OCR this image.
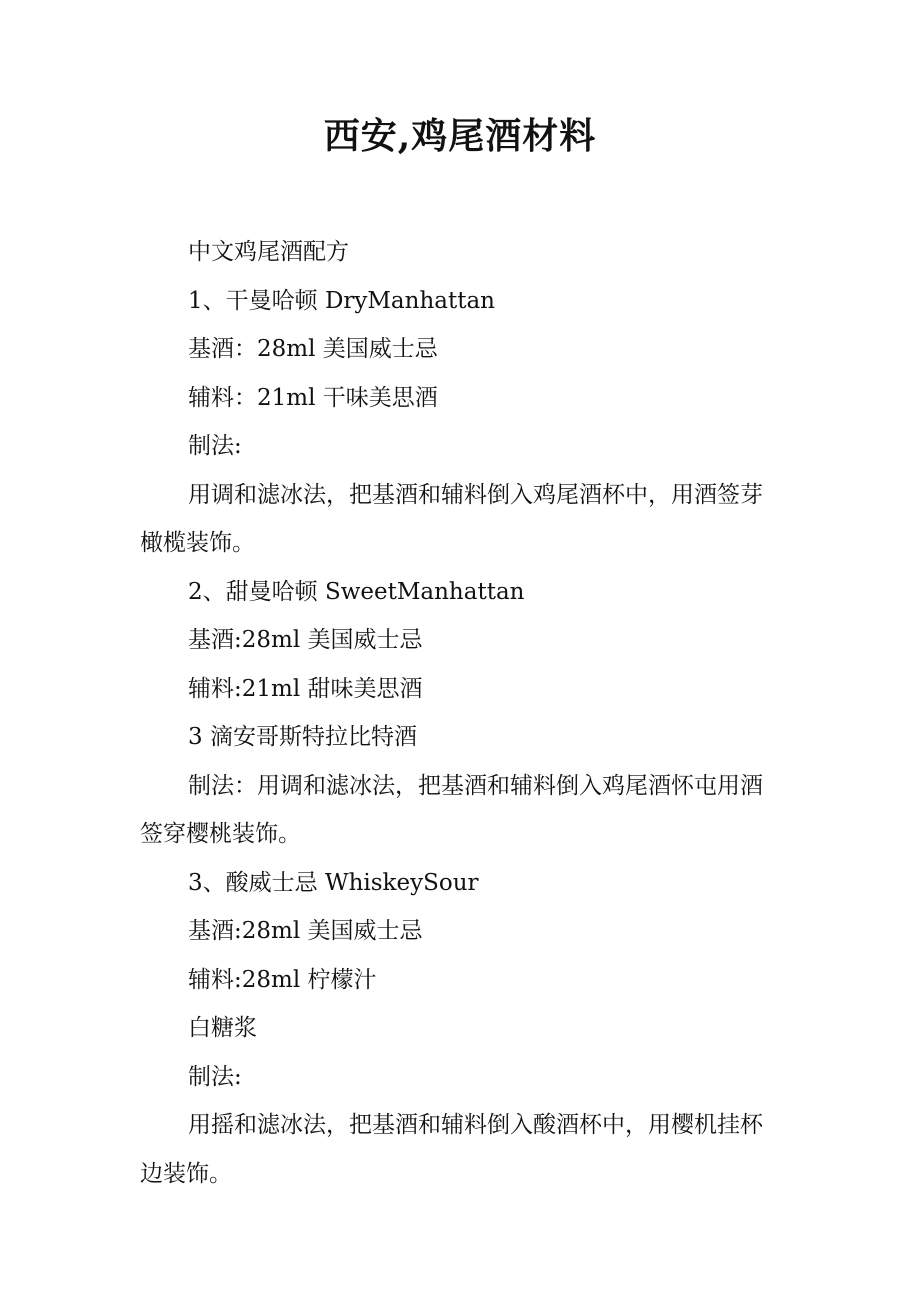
西安,鸡尾酒材料

中文鸡尾酒配方

1、干曼哈顿 DryManhattan

基酒：28ml 美国威士忌

辅料：21ml 干味美思酒

制法:

用调和滤冰法，把基酒和辅料倒入鸡尾酒杯中，用酒签芽橄榄装饰。

2、甜曼哈顿 SweetManhattan

基酒:28ml 美国威士忌

辅料:21ml 甜味美思酒

3 滴安哥斯特拉比特酒

制法：用调和滤冰法，把基酒和辅料倒入鸡尾酒怀屯用酒签穿樱桃装饰。

3、酸威士忌 WhiskeySour

基酒:28ml 美国威士忌

辅料:28ml 柠檬汁

白糖浆

制法:

用摇和滤冰法，把基酒和辅料倒入酸酒杯中，用樱机挂杯边装饰。
